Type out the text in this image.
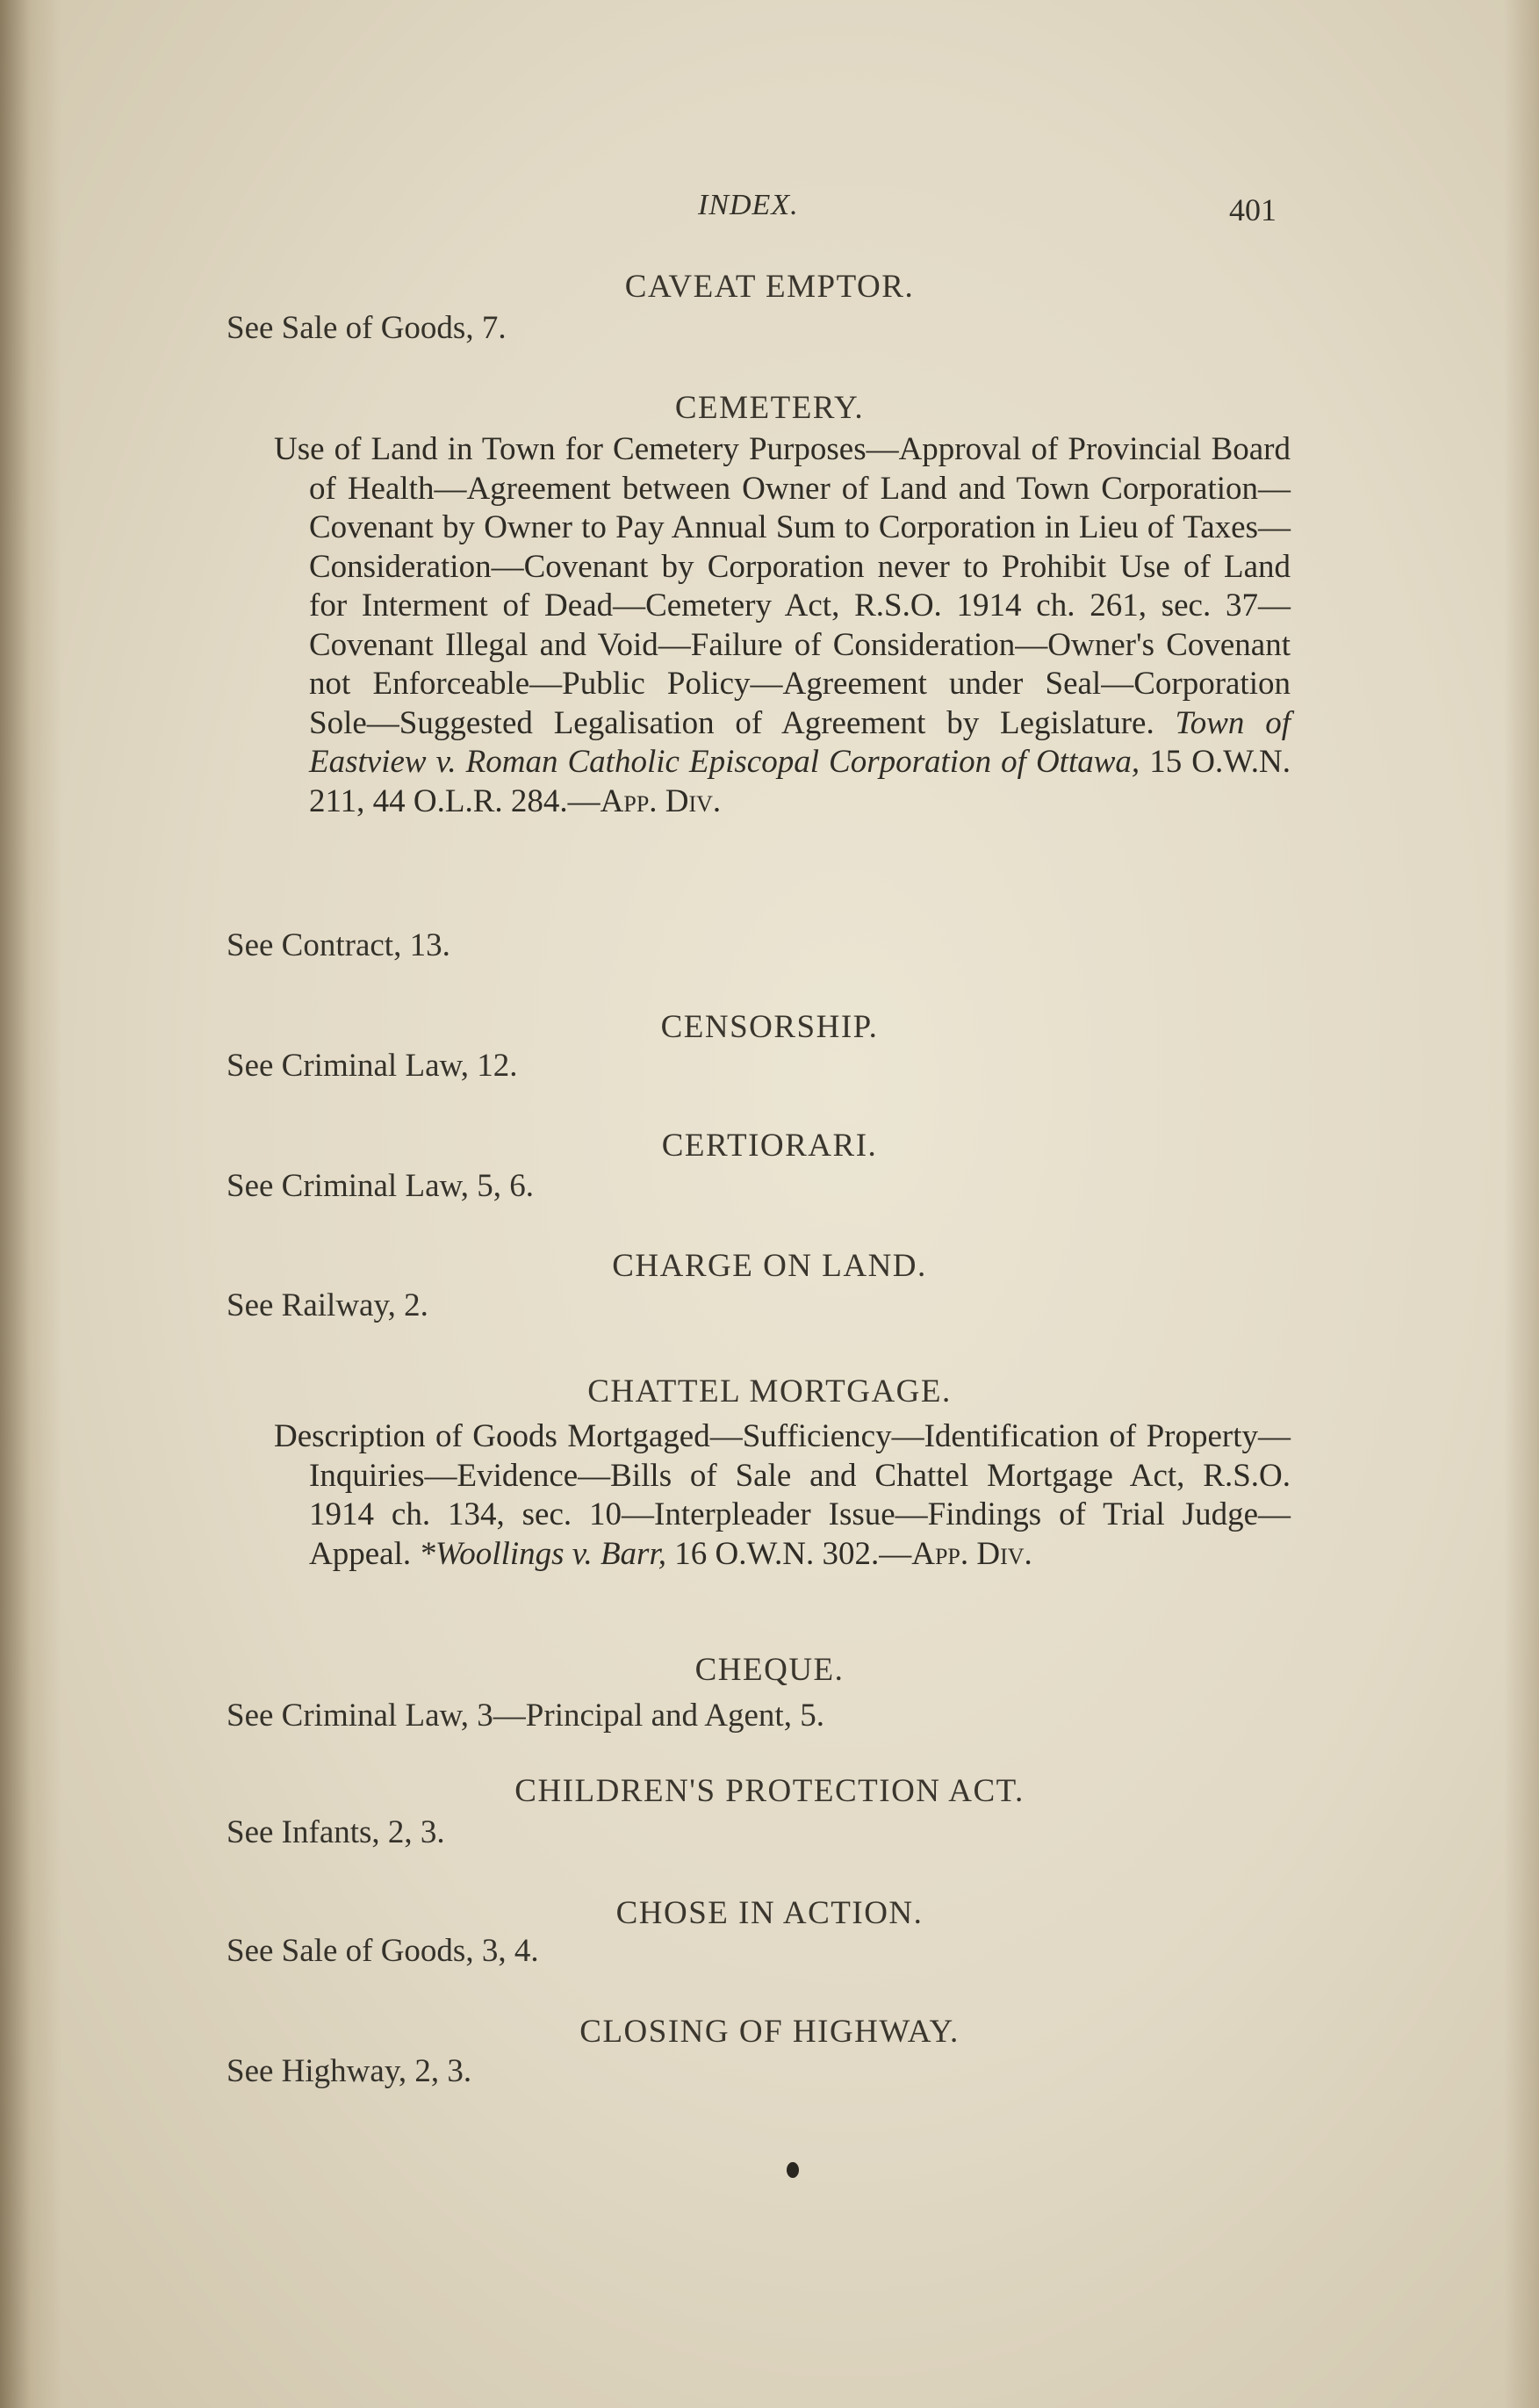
INDEX.	401
CAVEAT EMPTOR.
See Sale of Goods, 7.
CEMETERY.
Use of Land in Town for Cemetery Purposes—Approval of Provincial Board of Health—Agreement between Owner of Land and Town Corporation—Covenant by Owner to Pay Annual Sum to Corporation in Lieu of Taxes—Consideration—Covenant by Corporation never to Prohibit Use of Land for Interment of Dead—Cemetery Act, R.S.O. 1914 ch. 261, sec. 37—Covenant Illegal and Void—Failure of Consideration—Owner's Covenant not Enforceable—Public Policy—Agreement under Seal—Corporation Sole—Suggested Legalisation of Agreement by Legislature. Town of Eastview v. Roman Catholic Episcopal Corporation of Ottawa, 15 O.W.N. 211, 44 O.L.R. 284.—App. Div.
See Contract, 13.
CENSORSHIP.
See Criminal Law, 12.
CERTIORARI.
See Criminal Law, 5, 6.
CHARGE ON LAND.
See Railway, 2.
CHATTEL MORTGAGE.
Description of Goods Mortgaged—Sufficiency—Identification of Property—Inquiries—Evidence—Bills of Sale and Chattel Mortgage Act, R.S.O. 1914 ch. 134, sec. 10—Interpleader Issue—Findings of Trial Judge—Appeal. *Woollings v. Barr, 16 O.W.N. 302.—App. Div.
CHEQUE.
See Criminal Law, 3—Principal and Agent, 5.
CHILDREN'S PROTECTION ACT.
See Infants, 2, 3.
CHOSE IN ACTION.
See Sale of Goods, 3, 4.
CLOSING OF HIGHWAY.
See Highway, 2, 3.
